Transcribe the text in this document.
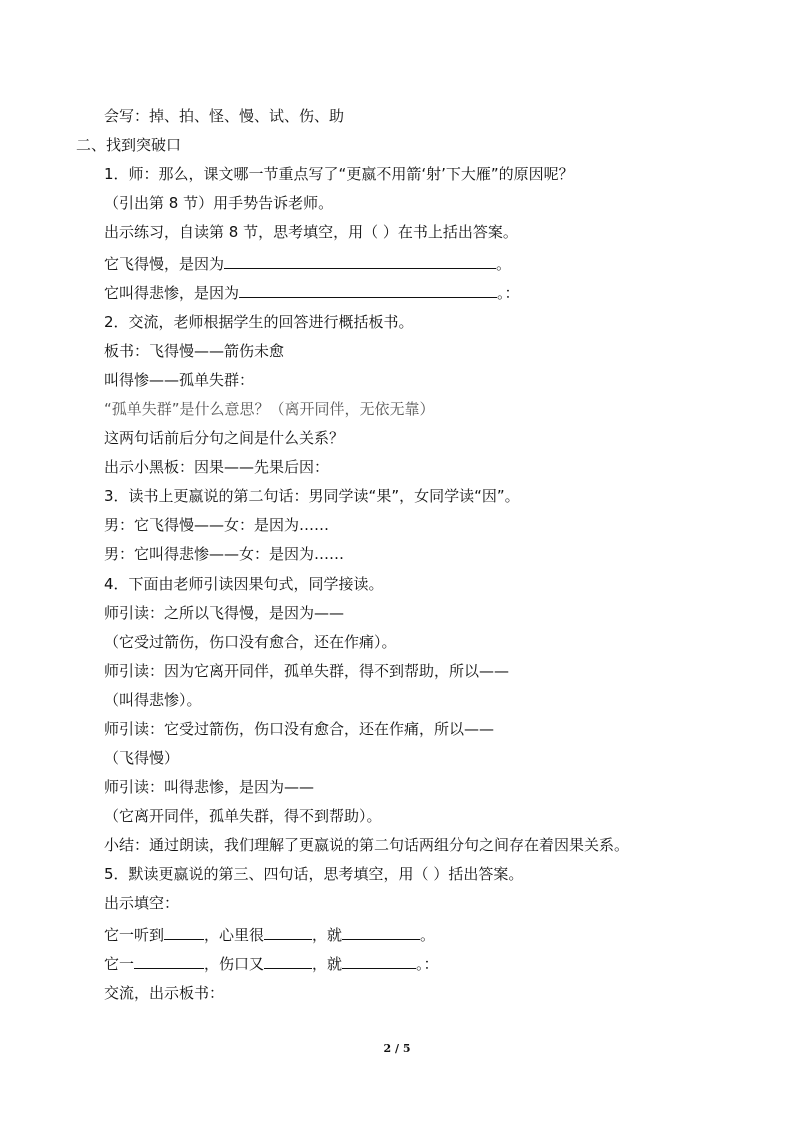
会写：掉、拍、怪、慢、试、伤、助
二、找到突破口
1．师：那么，课文哪一节重点写了“更嬴不用箭‘射’下大雁”的原因呢？
（引出第 8 节）用手势告诉老师。
出示练习，自读第 8 节，思考填空，用（ ）在书上括出答案。
它飞得慢，是因为	。
它叫得悲惨，是因为	。：
2．交流，老师根据学生的回答进行概括板书。
板书：飞得慢——箭伤未愈
叫得惨——孤单失群：
“孤单失群”是什么意思？（离开同伴，无依无靠）
这两句话前后分句之间是什么关系？
出示小黑板：因果——先果后因：
3．读书上更嬴说的第二句话：男同学读“果”，女同学读“因”。
男：它飞得慢——女：是因为……
男：它叫得悲惨——女：是因为……
4．下面由老师引读因果句式，同学接读。
师引读：之所以飞得慢，是因为——
（它受过箭伤，伤口没有愈合，还在作痛）。
师引读：因为它离开同伴，孤单失群，得不到帮助，所以——
（叫得悲惨）。
师引读：它受过箭伤，伤口没有愈合，还在作痛，所以——
（飞得慢）
师引读：叫得悲惨，是因为——
（它离开同伴，孤单失群，得不到帮助）。
小结：通过朗读，我们理解了更嬴说的第二句话两组分句之间存在着因果关系。
5．默读更嬴说的第三、四句话，思考填空，用（ ）括出答案。
出示填空：
它一听到	，心里很	，就	。
它一	，伤口又	，就	。：
交流，出示板书：
2 / 5
